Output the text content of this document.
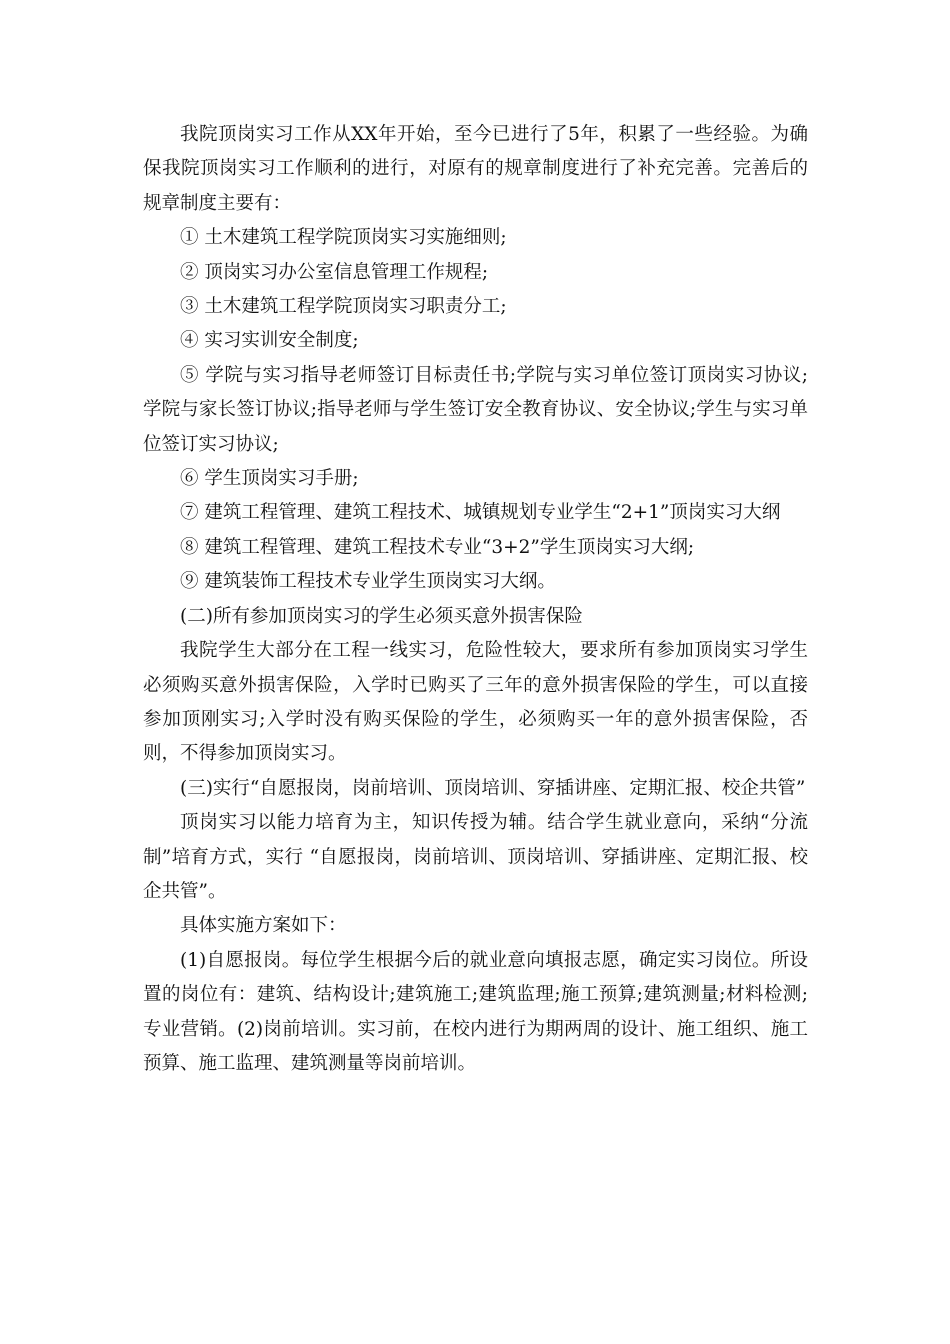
我院顶岗实习工作从XX年开始，至今已进行了5年，积累了一些经验。为确保我院顶岗实习工作顺利的进行，对原有的规章制度进行了补充完善。完善后的规章制度主要有：

① 土木建筑工程学院顶岗实习实施细则;

② 顶岗实习办公室信息管理工作规程;

③ 土木建筑工程学院顶岗实习职责分工;

④ 实习实训安全制度;

⑤ 学院与实习指导老师签订目标责任书;学院与实习单位签订顶岗实习协议;学院与家长签订协议;指导老师与学生签订安全教育协议、安全协议;学生与实习单位签订实习协议;

⑥ 学生顶岗实习手册;

⑦ 建筑工程管理、建筑工程技术、城镇规划专业学生“2+1”顶岗实习大纲

⑧ 建筑工程管理、建筑工程技术专业“3+2”学生顶岗实习大纲;

⑨ 建筑装饰工程技术专业学生顶岗实习大纲。

(二)所有参加顶岗实习的学生必须买意外损害保险

我院学生大部分在工程一线实习，危险性较大，要求所有参加顶岗实习学生必须购买意外损害保险，入学时已购买了三年的意外损害保险的学生，可以直接参加顶刚实习;入学时没有购买保险的学生，必须购买一年的意外损害保险，否则，不得参加顶岗实习。

(三)实行“自愿报岗，岗前培训、顶岗培训、穿插讲座、定期汇报、校企共管”

顶岗实习以能力培育为主，知识传授为辅。结合学生就业意向，采纳“分流制”培育方式，实行 “自愿报岗，岗前培训、顶岗培训、穿插讲座、定期汇报、校企共管”。

具体实施方案如下：

(1)自愿报岗。每位学生根据今后的就业意向填报志愿，确定实习岗位。所设置的岗位有：建筑、结构设计;建筑施工;建筑监理;施工预算;建筑测量;材料检测;专业营销。(2)岗前培训。实习前，在校内进行为期两周的设计、施工组织、施工预算、施工监理、建筑测量等岗前培训。
